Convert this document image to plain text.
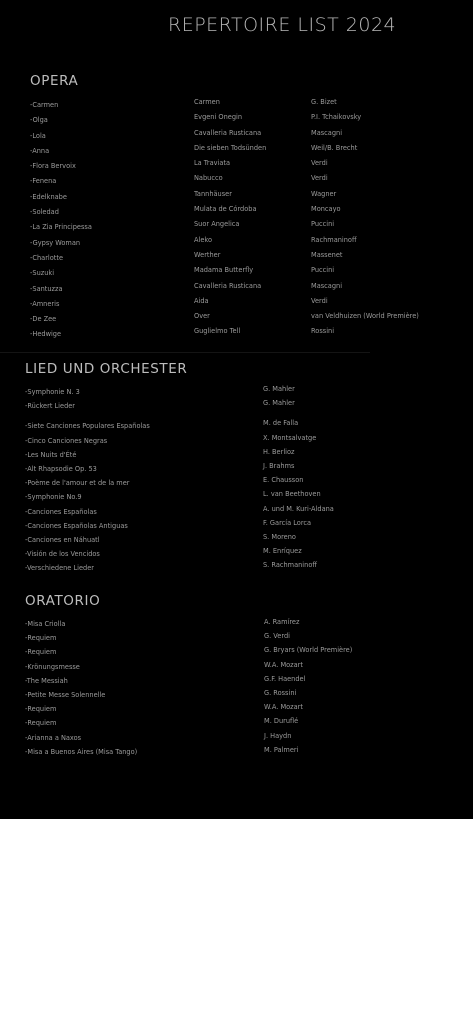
REPERTOIRE LIST 2024
OPERA
-Carmen
-Olga
-Lola
-Anna
-Flora Bervoix
-Fenena
-Edelknabe
-Soledad
-La Zia Principessa
-Gypsy Woman
-Charlotte
-Suzuki
-Santuzza
-Amneris
-De Zee
-Hedwige
Carmen
Evgeni Onegin
Cavalleria Rusticana
Die sieben Todsünden
La Traviata
Nabucco
Tannhäuser
Mulata de Córdoba
Suor Angelica
Aleko
Werther
Madama Butterfly
Cavalleria Rusticana
Aida
Over
Guglielmo Tell
G. Bizet
P.I. Tchaikovsky
Mascagni
Weil/B. Brecht
Verdi
Verdi
Wagner
Moncayo
Puccini
Rachmaninoff
Massenet
Puccini
Mascagni
Verdi
van Veldhuizen (World Première)
Rossini
LIED UND ORCHESTER
-Symphonie N. 3
-Rückert Lieder
-Siete Canciones Populares Españolas
-Cinco Canciones Negras
-Les Nuits d'Été
-Alt Rhapsodie Op. 53
-Poème de l'amour et de la mer
-Symphonie No.9
-Canciones Españolas
-Canciones Españolas Antiguas
-Canciones en Náhuatl
-Visión de los Vencidos
-Verschiedene Lieder
G. Mahler
G. Mahler
M. de Falla
X. Montsalvatge
H. Berlioz
J. Brahms
E. Chausson
L. van Beethoven
A. und M. Kuri-Aldana
F. García Lorca
S. Moreno
M. Enríquez
S. Rachmaninoff
ORATORIO
-Misa Criolla
-Requiem
-Requiem
-Krönungsmesse
-The Messiah
-Petite Messe Solennelle
-Requiem
-Requiem
-Arianna a Naxos
-Misa a Buenos Aires (Misa Tango)
A. Ramírez
G. Verdi
G. Bryars (World Première)
W.A. Mozart
G.F. Haendel
G. Rossini
W.A. Mozart
M. Duruflé
J. Haydn
M. Palmeri
